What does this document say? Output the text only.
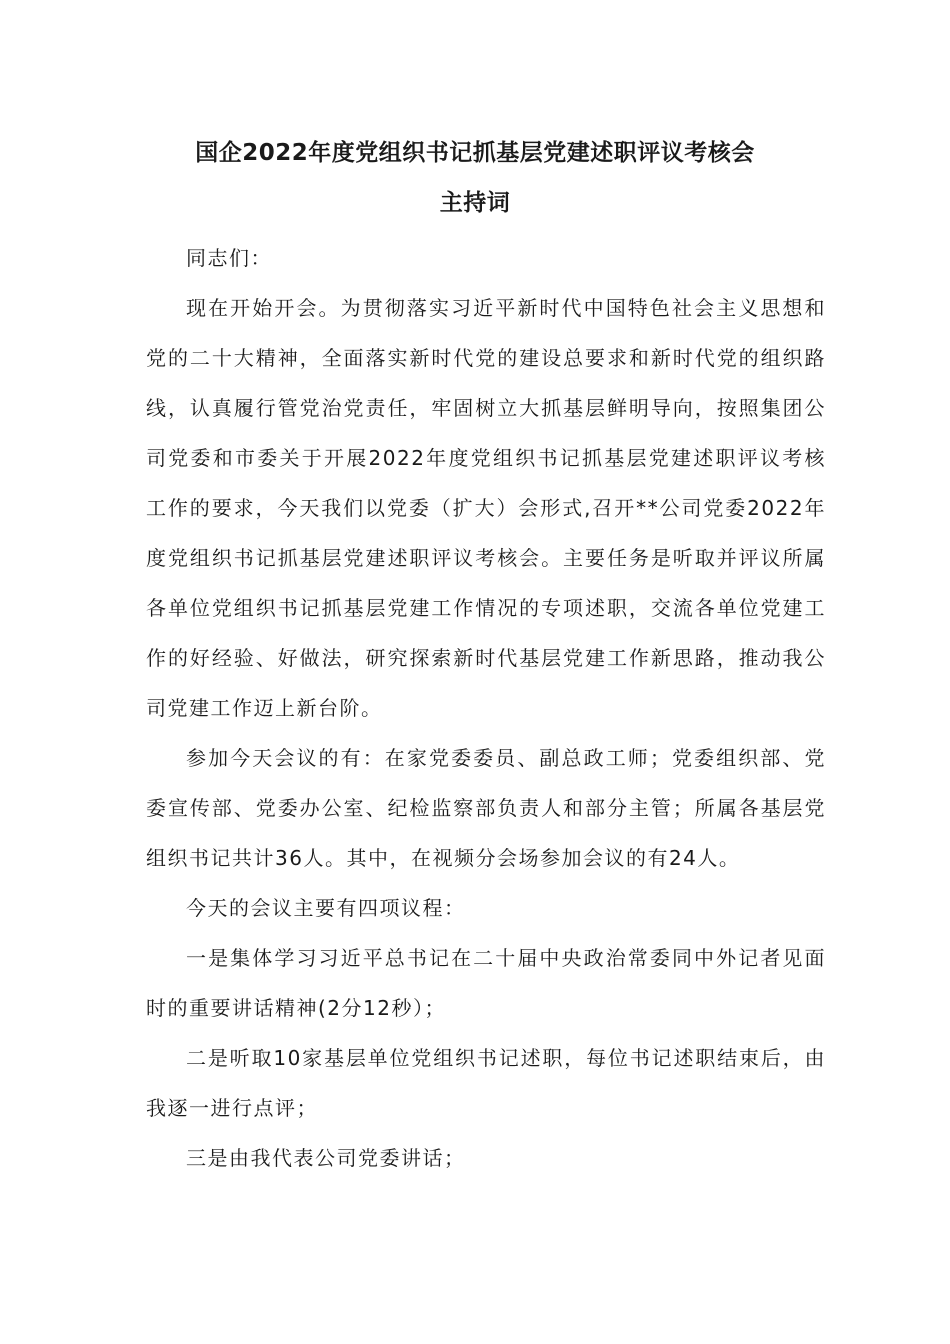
国企2022年度党组织书记抓基层党建述职评议考核会
主持词

同志们：

现在开始开会。为贯彻落实习近平新时代中国特色社会主义思想和党的二十大精神，全面落实新时代党的建设总要求和新时代党的组织路线，认真履行管党治党责任，牢固树立大抓基层鲜明导向，按照集团公司党委和市委关于开展2022年度党组织书记抓基层党建述职评议考核工作的要求，今天我们以党委（扩大）会形式,召开**公司党委2022年度党组织书记抓基层党建述职评议考核会。主要任务是听取并评议所属各单位党组织书记抓基层党建工作情况的专项述职，交流各单位党建工作的好经验、好做法，研究探索新时代基层党建工作新思路，推动我公司党建工作迈上新台阶。

参加今天会议的有：在家党委委员、副总政工师；党委组织部、党委宣传部、党委办公室、纪检监察部负责人和部分主管；所属各基层党组织书记共计36人。其中，在视频分会场参加会议的有24人。

今天的会议主要有四项议程：

一是集体学习习近平总书记在二十届中央政治常委同中外记者见面时的重要讲话精神(2分12秒）；

二是听取10家基层单位党组织书记述职，每位书记述职结束后，由我逐一进行点评；

三是由我代表公司党委讲话；
